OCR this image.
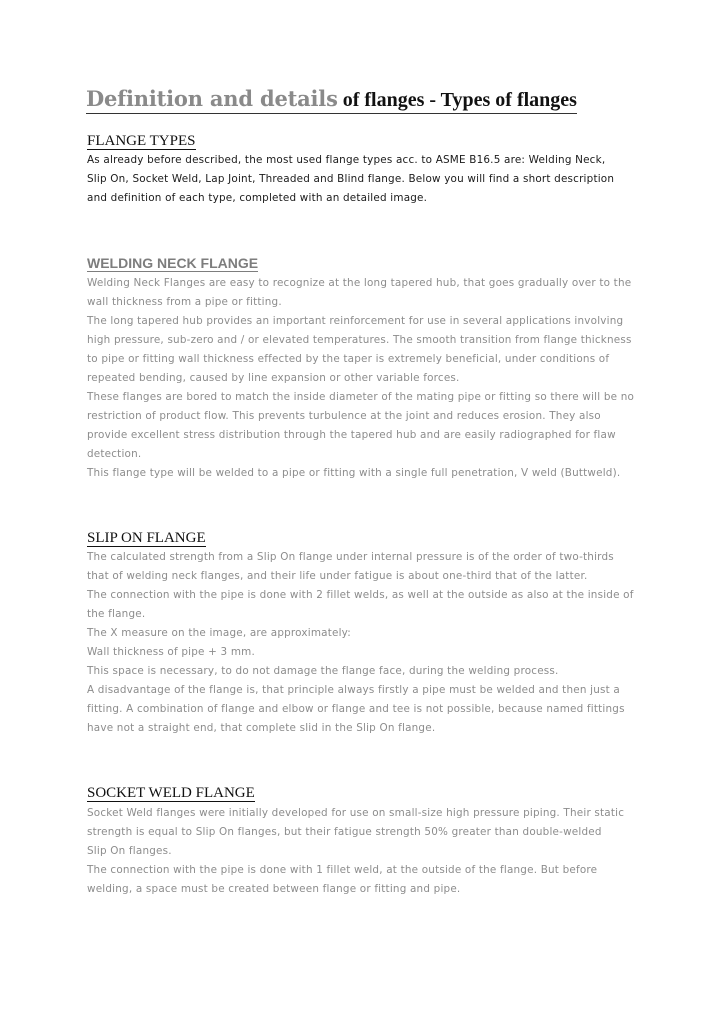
Definition and details of flanges - Types of flanges
FLANGE TYPES
As already before described, the most used flange types acc. to ASME B16.5 are: Welding Neck,
Slip On, Socket Weld, Lap Joint, Threaded and Blind flange. Below you will find a short description
and definition of each type, completed with an detailed image.
WELDING NECK FLANGE
Welding Neck Flanges are easy to recognize at the long tapered hub, that goes gradually over to the
wall thickness from a pipe or fitting.
The long tapered hub provides an important reinforcement for use in several applications involving
high pressure, sub-zero and / or elevated temperatures. The smooth transition from flange thickness
to pipe or fitting wall thickness effected by the taper is extremely beneficial, under conditions of
repeated bending, caused by line expansion or other variable forces.
These flanges are bored to match the inside diameter of the mating pipe or fitting so there will be no
restriction of product flow. This prevents turbulence at the joint and reduces erosion. They also
provide excellent stress distribution through the tapered hub and are easily radiographed for flaw
detection.
This flange type will be welded to a pipe or fitting with a single full penetration, V weld (Buttweld).
SLIP ON FLANGE
The calculated strength from a Slip On flange under internal pressure is of the order of two-thirds
that of welding neck flanges, and their life under fatigue is about one-third that of the latter.
The connection with the pipe is done with 2 fillet welds, as well at the outside as also at the inside of
the flange.
The X measure on the image, are approximately:
Wall thickness of pipe + 3 mm.
This space is necessary, to do not damage the flange face, during the welding process.
A disadvantage of the flange is, that principle always firstly a pipe must be welded and then just a
fitting. A combination of flange and elbow or flange and tee is not possible, because named fittings
have not a straight end, that complete slid in the Slip On flange.
SOCKET WELD FLANGE
Socket Weld flanges were initially developed for use on small-size high pressure piping. Their static
strength is equal to Slip On flanges, but their fatigue strength 50% greater than double-welded
Slip On flanges.
The connection with the pipe is done with 1 fillet weld, at the outside of the flange. But before
welding, a space must be created between flange or fitting and pipe.
